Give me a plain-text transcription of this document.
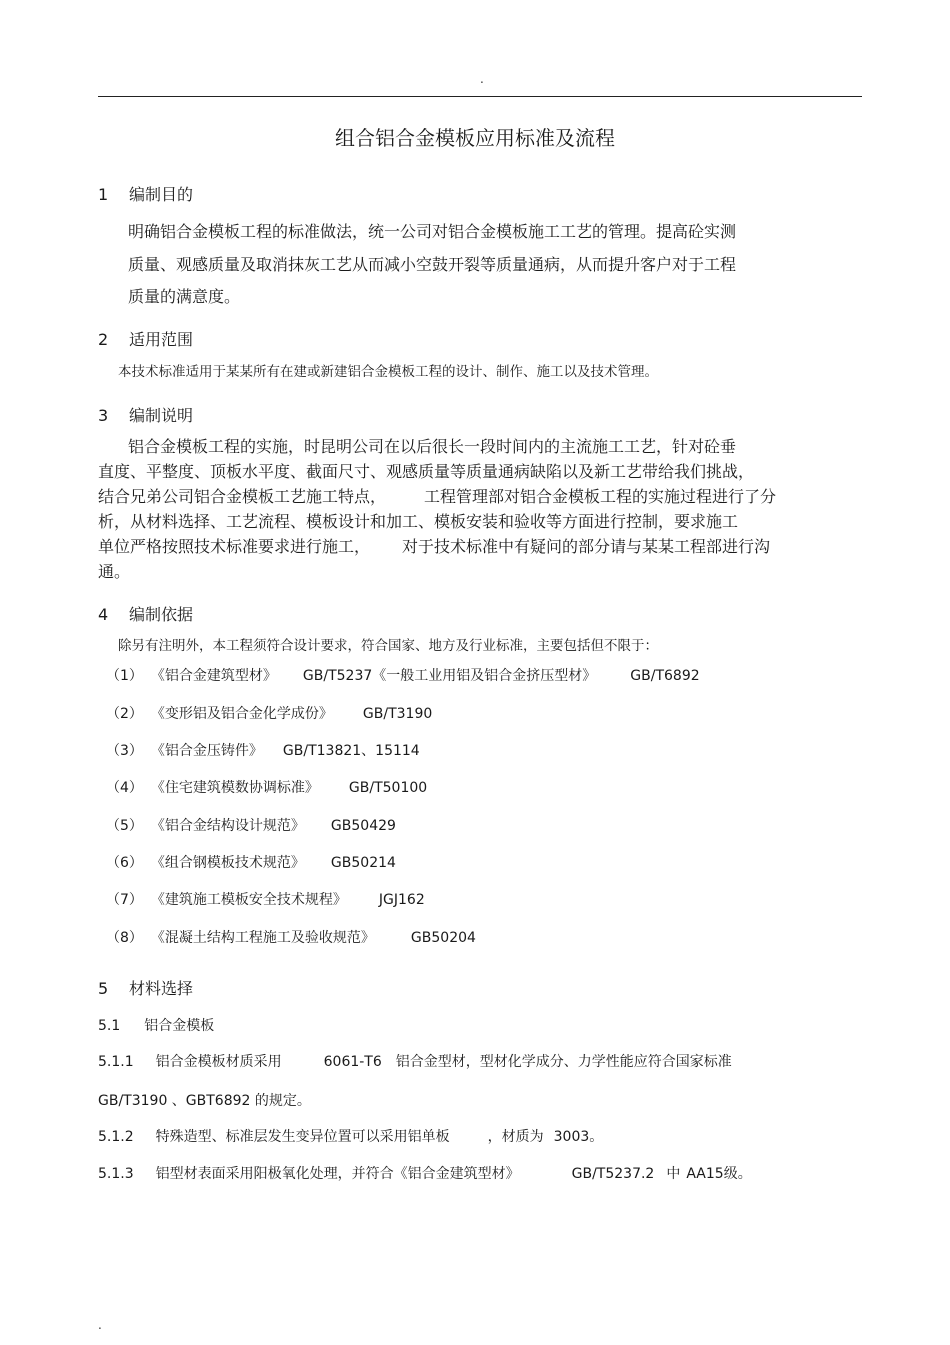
.
.
组合铝合金模板应用标准及流程
1 编制目的
明确铝合金模板工程的标准做法，统一公司对铝合金模板施工工艺的管理。提高砼实测
质量、观感质量及取消抹灰工艺从而减小空鼓开裂等质量通病，从而提升客户对于工程
质量的满意度。
2 适用范围
本技术标准适用于某某所有在建或新建铝合金模板工程的设计、制作、施工以及技术管理。
3 编制说明
铝合金模板工程的实施，时昆明公司在以后很长一段时间内的主流施工工艺，针对砼垂
直度、平整度、顶板水平度、截面尺寸、观感质量等质量通病缺陷以及新工艺带给我们挑战，
结合兄弟公司铝合金模板工艺施工特点， 工程管理部对铝合金模板工程的实施过程进行了分
析，从材料选择、工艺流程、模板设计和加工、模板安装和验收等方面进行控制，要求施工
单位严格按照技术标准要求进行施工， 对于技术标准中有疑问的部分请与某某工程部进行沟
通。
4 编制依据
除另有注明外，本工程须符合设计要求，符合国家、地方及行业标准，主要包括但不限于：
（1） 《铝合金建筑型材》 GB/T5237《一般工业用铝及铝合金挤压型材》 GB/T6892
（2） 《变形铝及铝合金化学成份》 GB/T3190
（3） 《铝合金压铸件》 GB/T13821、15114
（4） 《住宅建筑模数协调标准》 GB/T50100
（5） 《铝合金结构设计规范》 GB50429
（6） 《组合钢模板技术规范》 GB50214
（7） 《建筑施工模板安全技术规程》 JGJ162
（8） 《混凝土结构工程施工及验收规范》	GB50204
5 材料选择
5.1 铝合金模板
5.1.1 铝合金模板材质采用	6061-T6 铝合金型材，型材化学成分、力学性能应符合国家标准
GB/T3190 、GBT6892 的规定。
5.1.2 特殊造型、标准层发生变异位置可以采用铝单板	，材质为 3003。
5.1.3 铝型材表面采用阳极氧化处理，并符合《铝合金建筑型材》	GB/T5237.2 中 AA15级。
